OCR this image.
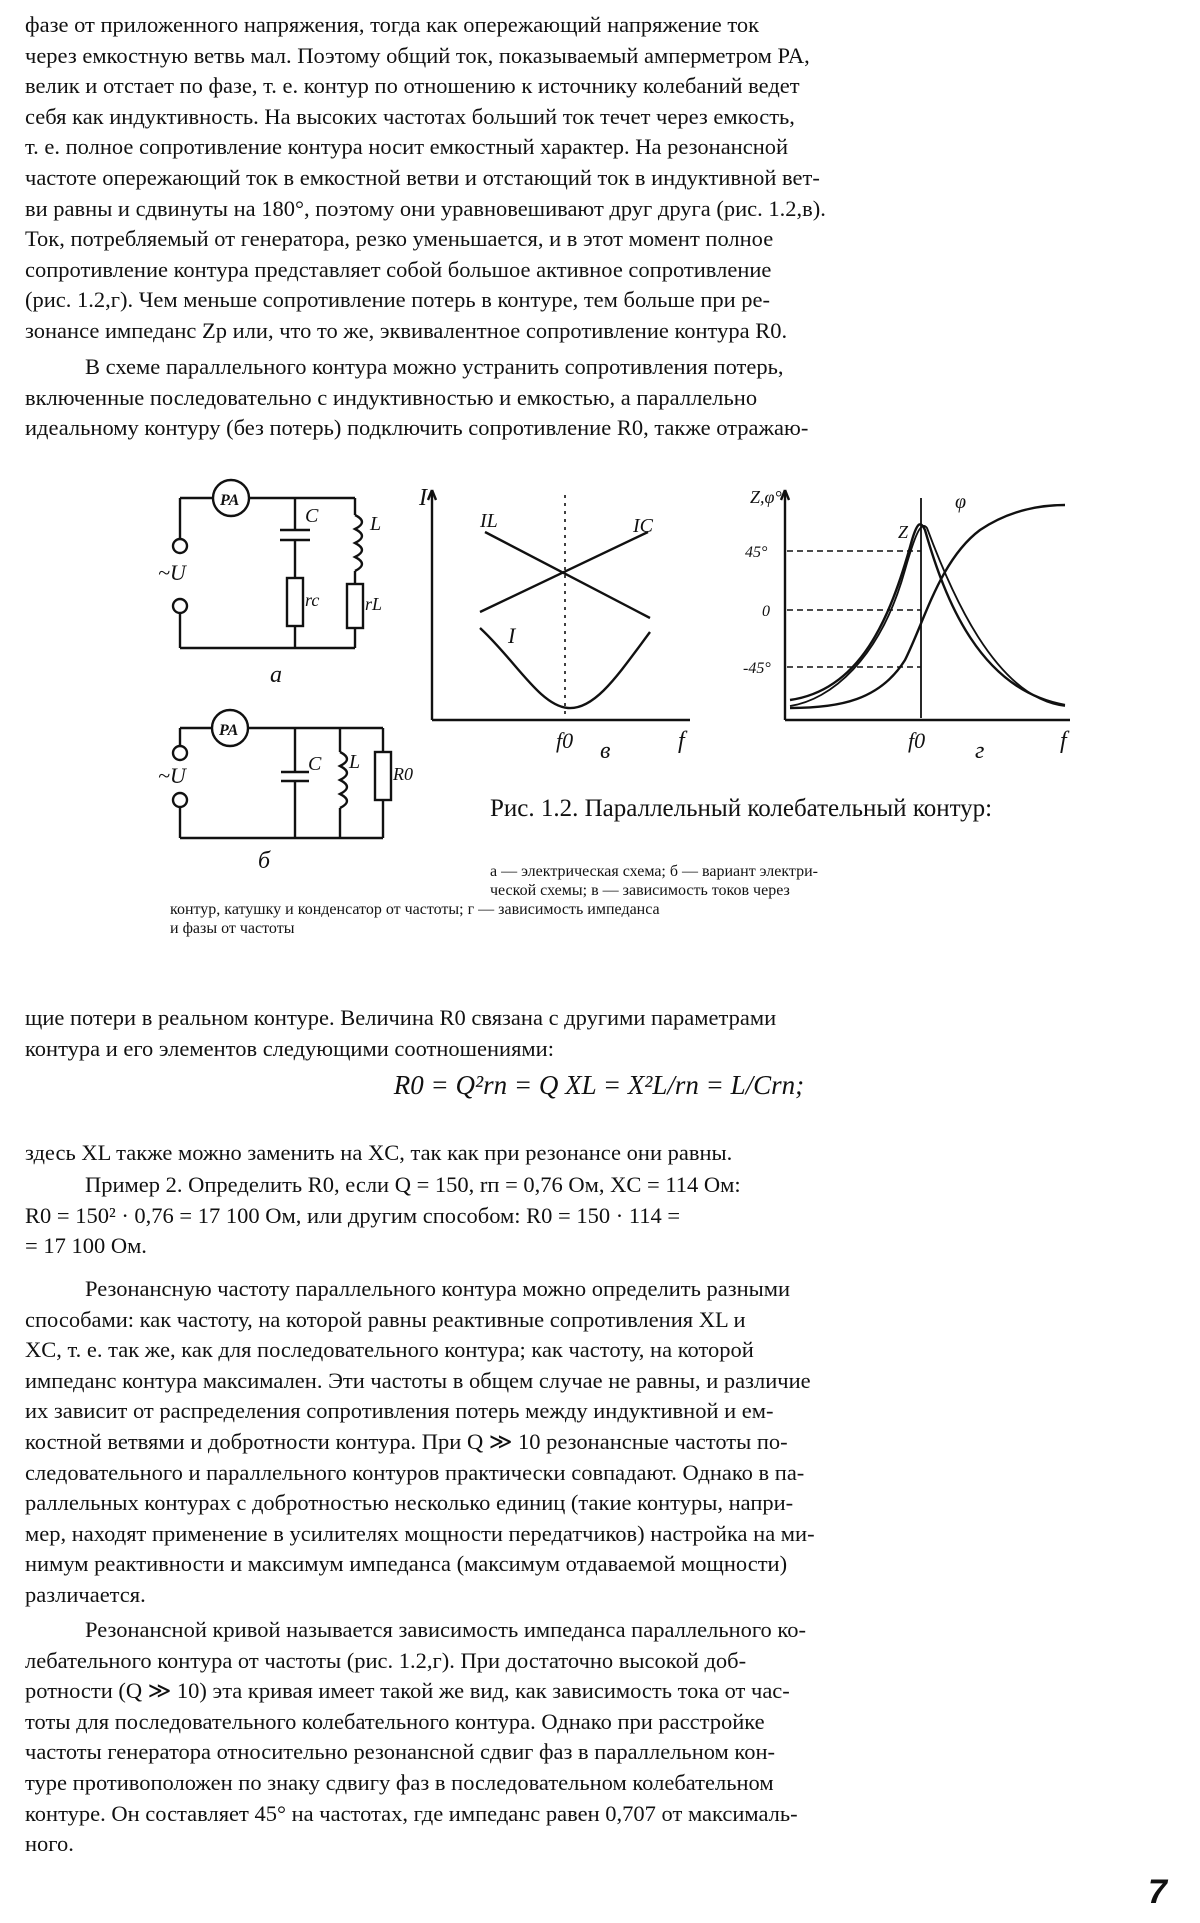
фазе от приложенного напряжения, тогда как опережающий напряжение ток
через емкостную ветвь мал. Поэтому общий ток, показываемый амперметром PA,
велик и отстает по фазе, т. е. контур по отношению к источнику колебаний ведет
себя как индуктивность. На высоких частотах больший ток течет через емкость,
т. е. полное сопротивление контура носит емкостный характер. На резонансной
частоте опережающий ток в емкостной ветви и отстающий ток в индуктивной вет-
ви равны и сдвинуты на 180°, поэтому они уравновешивают друг друга (рис. 1.2,в).
Ток, потребляемый от генератора, резко уменьшается, и в этот момент полное
сопротивление контура представляет собой большое активное сопротивление
(рис. 1.2,г). Чем меньше сопротивление потерь в контуре, тем больше при ре-
зонансе импеданс Zp или, что то же, эквивалентное сопротивление контура R0.

В схеме параллельного контура можно устранить сопротивления потерь,
включенные последовательно с индуктивностью и емкостью, а параллельно
идеальному контуру (без потерь) подключить сопротивление R0, также отражаю-

PA
PA
~U
~U
C	L
rc	rL
C L
R0
а
б
I
f
f0 в
IL	IC
I
Z,φ°
f
f0 г
45°
0
-45°
Z
φ

Рис. 1.2. Параллельный колебательный контур:

а — электрическая схема; б — вариант электри-
ческой схемы; в — зависимость токов через
контур, катушку и конденсатор от частоты; г — зависимость импеданса
и фазы от частоты

щие потери в реальном контуре. Величина R0 связана с другими параметрами
контура и его элементов следующими соотношениями:

R0 = Q²rп = Q XL = X²L/rп = L/Crп;

здесь XL также можно заменить на XC, так как при резонансе они равны.

Пример 2. Определить R0, если Q = 150, rп = 0,76 Ом, XC = 114 Ом:
R0 = 150² · 0,76 = 17 100 Ом, или другим способом: R0 = 150 · 114 =
= 17 100 Ом.

Резонансную частоту параллельного контура можно определить разными
способами: как частоту, на которой равны реактивные сопротивления XL и
XC, т. е. так же, как для последовательного контура; как частоту, на которой
импеданс контура максимален. Эти частоты в общем случае не равны, и различие
их зависит от распределения сопротивления потерь между индуктивной и ем-
костной ветвями и добротности контура. При Q ≫ 10 резонансные частоты по-
следовательного и параллельного контуров практически совпадают. Однако в па-
раллельных контурах с добротностью несколько единиц (такие контуры, напри-
мер, находят применение в усилителях мощности передатчиков) настройка на ми-
нимум реактивности и максимум импеданса (максимум отдаваемой мощности)
различается.

Резонансной кривой называется зависимость импеданса параллельного ко-
лебательного контура от частоты (рис. 1.2,г). При достаточно высокой доб-
ротности (Q ≫ 10) эта кривая имеет такой же вид, как зависимость тока от час-
тоты для последовательного колебательного контура. Однако при расстройке
частоты генератора относительно резонансной сдвиг фаз в параллельном кон-
туре противоположен по знаку сдвигу фаз в последовательном колебательном
контуре. Он составляет 45° на частотах, где импеданс равен 0,707 от максималь-
ного.

7
